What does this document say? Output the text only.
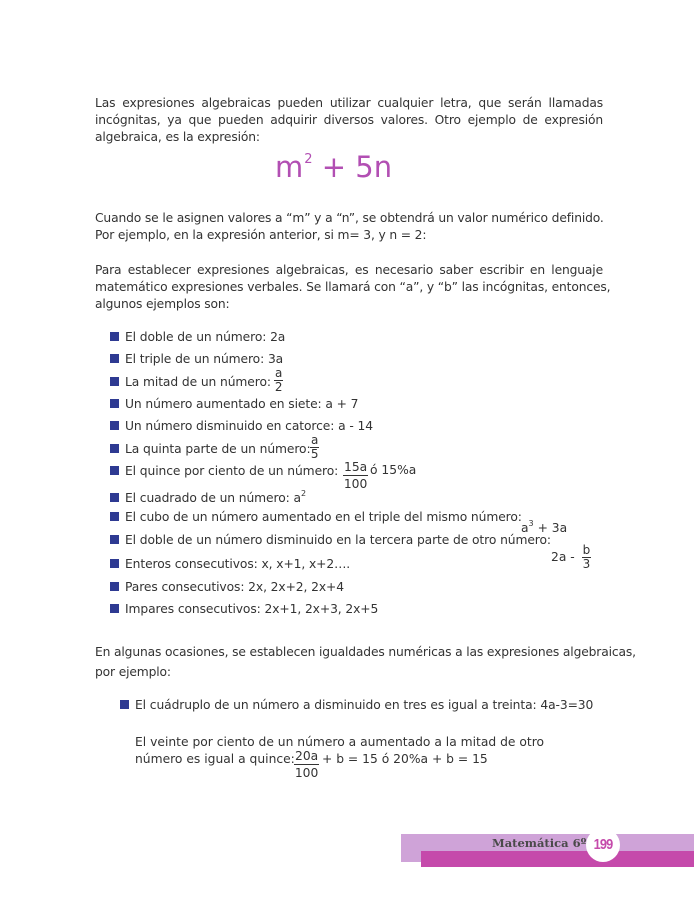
Las expresiones algebraicas pueden utilizar cualquier letra, que serán llamadas
incógnitas, ya que pueden adquirir diversos valores. Otro ejemplo de expresión
algebraica, es la expresión:
$m^2 + 5n$
Cuando se le asignen valores a “m” y a “n”, se obtendrá un valor numérico definido.
Por ejemplo, en la expresión anterior, si m= 3, y n = 2:
Para establecer expresiones algebraicas, es necesario saber escribir en lenguaje
matemático expresiones verbales. Se llamará con “a”, y “b” las incógnitas, entonces,
algunos ejemplos son:
El doble de un número: 2a
El triple de un número: 3a
La mitad de un número: $\frac{a}{2}$
Un número aumentado en siete: a + 7
Un número disminuido en catorce: a - 14
La quinta parte de un número: $\frac{a}{5}$
El quince por ciento de un número: $\frac{15a}{100}$ ó 15%a
El cuadrado de un número: $a^2$
El cubo de un número aumentado en el triple del mismo número:
$a^3 + 3a$
El doble de un número disminuido en la tercera parte de otro número:
$2a - \frac{b}{3}$
Enteros consecutivos: x, x+1, x+2….
Pares consecutivos: 2x, 2x+2, 2x+4
Impares consecutivos: 2x+1, 2x+3, 2x+5
En algunas ocasiones, se establecen igualdades numéricas a las expresiones algebraicas,
por ejemplo:
El cuádruplo de un número a disminuido en tres es igual a treinta: 4a-3=30
El veinte por ciento de un número a aumentado a la mitad de otro
número es igual a quince: $\frac{20a}{100} + b = 15$ ó 20%a + b = 15
Matemática 6º 199
